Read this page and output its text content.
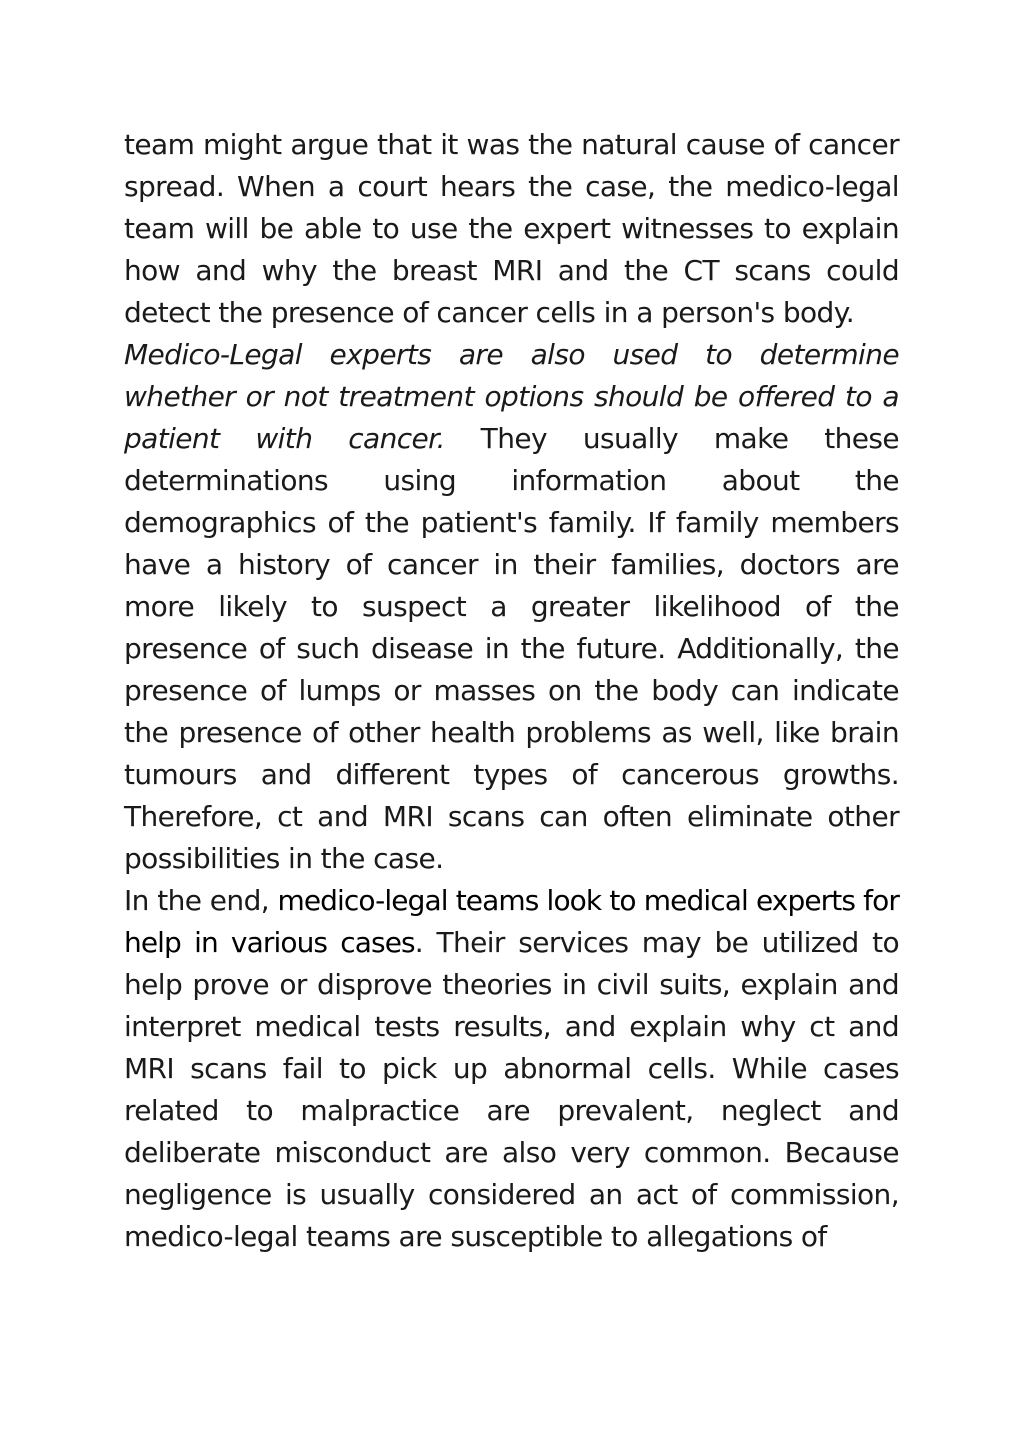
team might argue that it was the natural cause of cancer spread. When a court hears the case, the medico-legal team will be able to use the expert witnesses to explain how and why the breast MRI and the CT scans could detect the presence of cancer cells in a person's body.

Medico-Legal experts are also used to determine whether or not treatment options should be offered to a patient with cancer. They usually make these determinations using information about the demographics of the patient's family. If family members have a history of cancer in their families, doctors are more likely to suspect a greater likelihood of the presence of such disease in the future. Additionally, the presence of lumps or masses on the body can indicate the presence of other health problems as well, like brain tumours and different types of cancerous growths. Therefore, ct and MRI scans can often eliminate other possibilities in the case.

In the end, medico-legal teams look to medical experts for help in various cases. Their services may be utilized to help prove or disprove theories in civil suits, explain and interpret medical tests results, and explain why ct and MRI scans fail to pick up abnormal cells. While cases related to malpractice are prevalent, neglect and deliberate misconduct are also very common. Because negligence is usually considered an act of commission, medico-legal teams are susceptible to allegations of
